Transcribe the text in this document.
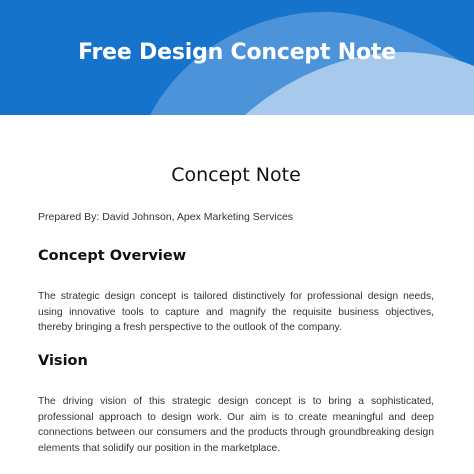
Free Design Concept Note
Concept Note
Prepared By: David Johnson, Apex Marketing Services
Concept Overview

The strategic design concept is tailored distinctively for professional design needs, using innovative tools to capture and magnify the requisite business objectives, thereby bringing a fresh perspective to the outlook of the company.

Vision

The driving vision of this strategic design concept is to bring a sophisticated, professional approach to design work. Our aim is to create meaningful and deep connections between our consumers and the products through groundbreaking design elements that solidify our position in the marketplace.
